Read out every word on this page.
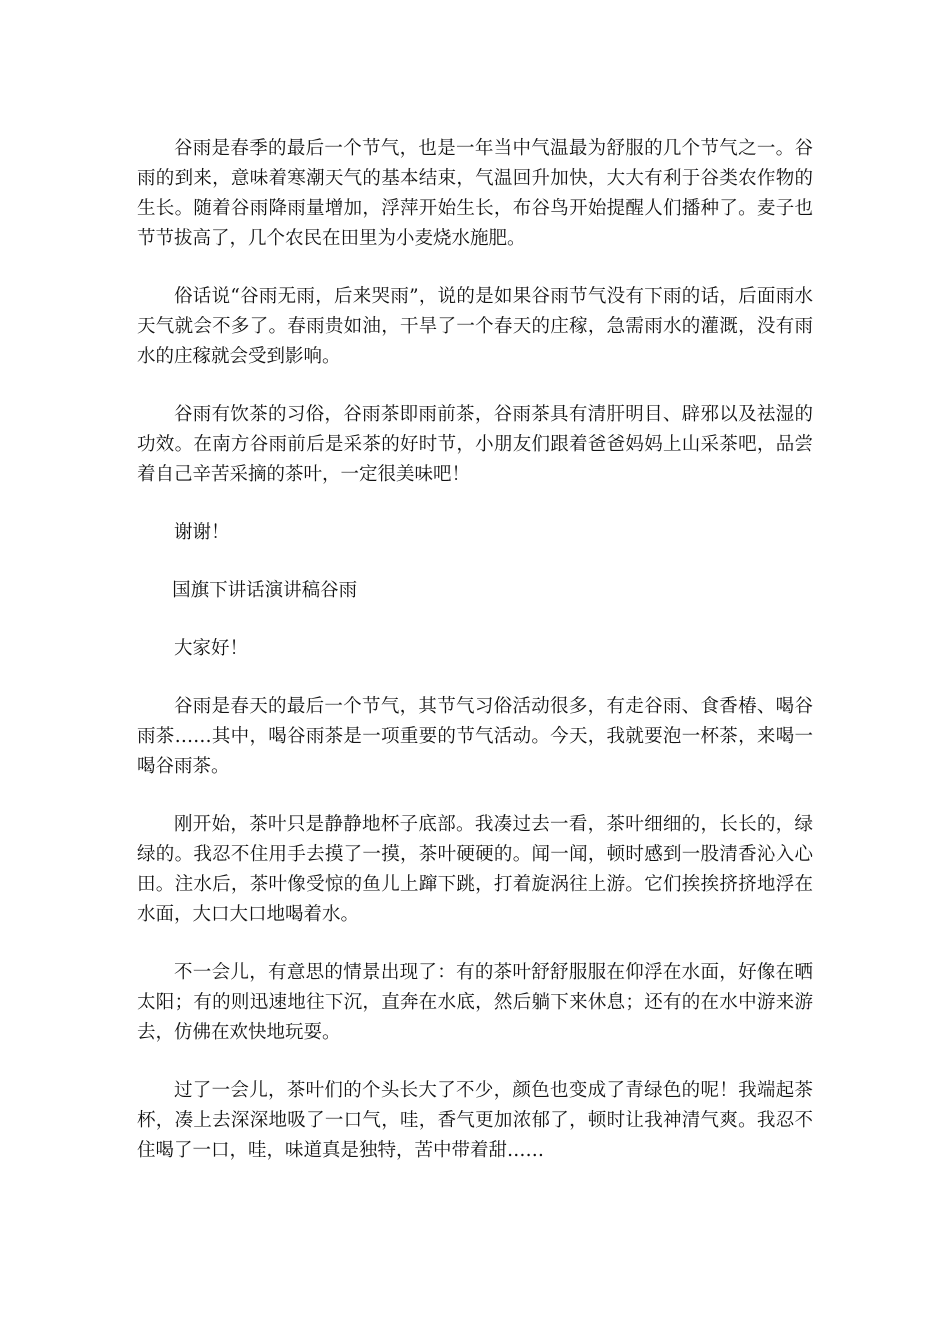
谷雨是春季的最后一个节气，也是一年当中气温最为舒服的几个节气之一。谷雨的到来，意味着寒潮天气的基本结束，气温回升加快，大大有利于谷类农作物的生长。随着谷雨降雨量增加，浮萍开始生长，布谷鸟开始提醒人们播种了。麦子也节节拔高了，几个农民在田里为小麦烧水施肥。

俗话说“谷雨无雨，后来哭雨”，说的是如果谷雨节气没有下雨的话，后面雨水天气就会不多了。春雨贵如油，干旱了一个春天的庄稼，急需雨水的灌溉，没有雨水的庄稼就会受到影响。

谷雨有饮茶的习俗，谷雨茶即雨前茶，谷雨茶具有清肝明目、辟邪以及祛湿的功效。在南方谷雨前后是采茶的好时节，小朋友们跟着爸爸妈妈上山采茶吧，品尝着自己辛苦采摘的茶叶，一定很美味吧！

谢谢！

国旗下讲话演讲稿谷雨

大家好！

谷雨是春天的最后一个节气，其节气习俗活动很多，有走谷雨、食香椿、喝谷雨茶……其中，喝谷雨茶是一项重要的节气活动。今天，我就要泡一杯茶，来喝一喝谷雨茶。

刚开始，茶叶只是静静地杯子底部。我凑过去一看，茶叶细细的，长长的，绿绿的。我忍不住用手去摸了一摸，茶叶硬硬的。闻一闻，顿时感到一股清香沁入心田。注水后，茶叶像受惊的鱼儿上蹿下跳，打着旋涡往上游。它们挨挨挤挤地浮在水面，大口大口地喝着水。

不一会儿，有意思的情景出现了：有的茶叶舒舒服服在仰浮在水面，好像在晒太阳；有的则迅速地往下沉，直奔在水底，然后躺下来休息；还有的在水中游来游去，仿佛在欢快地玩耍。

过了一会儿，茶叶们的个头长大了不少，颜色也变成了青绿色的呢！我端起茶杯，凑上去深深地吸了一口气，哇，香气更加浓郁了，顿时让我神清气爽。我忍不住喝了一口，哇，味道真是独特，苦中带着甜……
